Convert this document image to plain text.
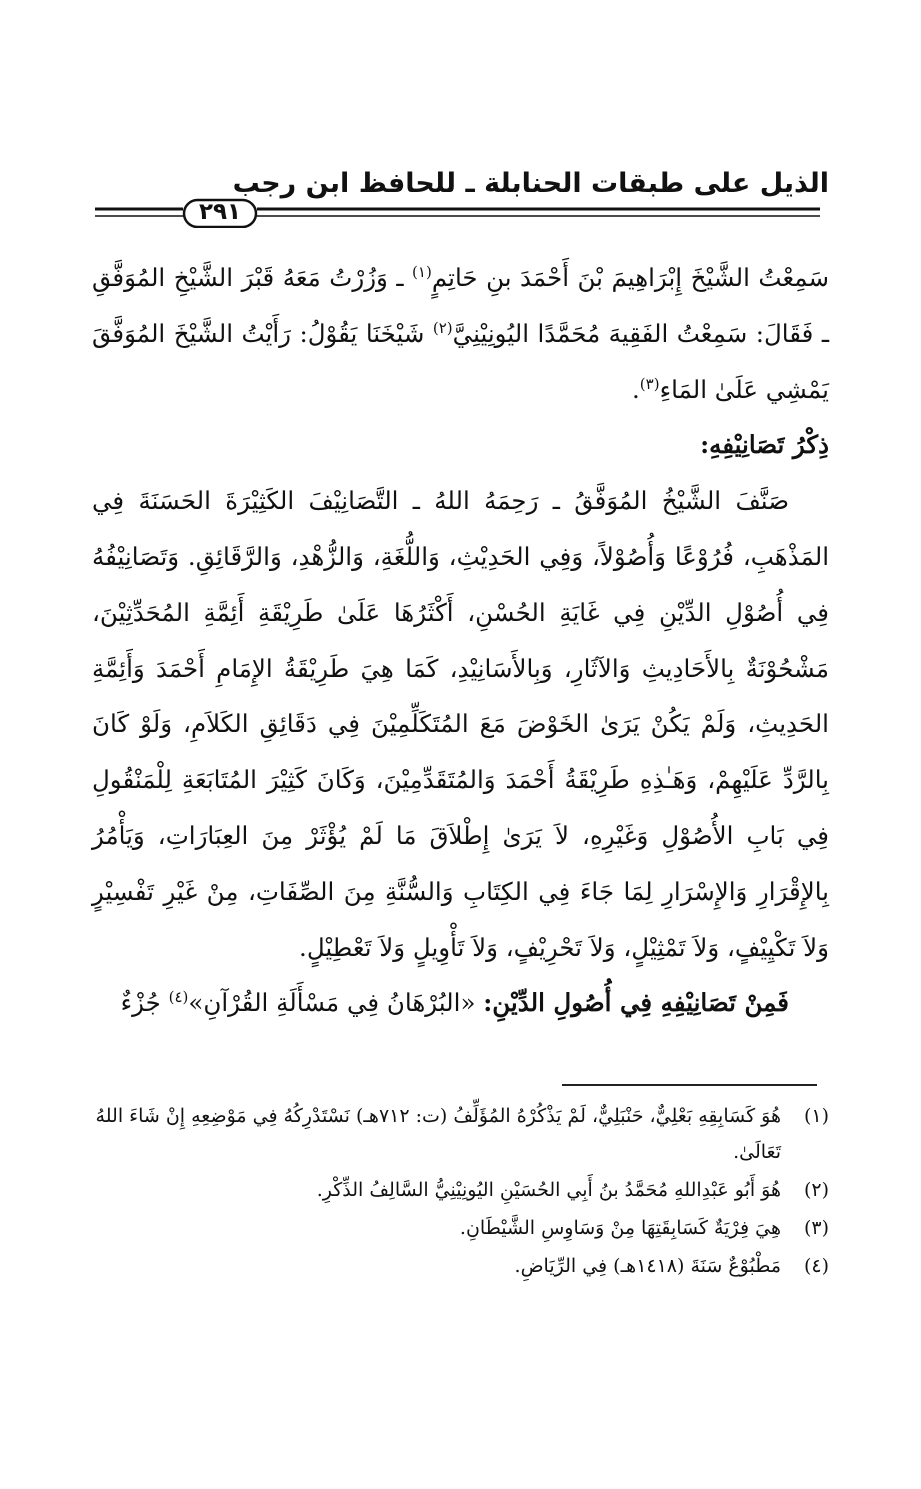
الذيل على طبقات الحنابلة ـ للحافظ ابن رجب
٢٩١

سَمِعْتُ الشَّيْخَ إِبْرَاهِيمَ بْنَ أَحْمَدَ بنِ حَاتِمٍ$^{(١)}$ ـ وَزُرْتُ مَعَهُ قَبْرَ الشَّيْخِ المُوَفَّقِ ـ فَقَالَ: سَمِعْتُ الفَقِيهَ مُحَمَّدًا اليُونِيْنِيَّ$^{(٢)}$ شَيْخَنَا يَقُوْلُ: رَأَيْتُ الشَّيْخَ المُوَفَّقَ يَمْشِي عَلَىٰ المَاءِ$^{(٣)}$.

ذِكْرُ تَصَانِيْفِهِ:

صَنَّفَ الشَّيْخُ المُوَفَّقُ ـ رَحِمَهُ اللهُ ـ التَّصَانِيْفَ الكَثِيْرَةَ الحَسَنَةَ فِي المَذْهَبِ، فُرُوْعًا وَأُصُوْلاً، وَفِي الحَدِيْثِ، وَاللُّغَةِ، وَالزُّهْدِ، وَالرَّقَائِقِ. وَتَصَانِيْفُهُ فِي أُصُوْلِ الدِّيْنِ فِي غَايَةِ الحُسْنِ، أَكْثَرُهَا عَلَىٰ طَرِيْقَةِ أَئِمَّةِ المُحَدِّثِيْنَ، مَشْحُوْنَةٌ بِالأَحَادِيثِ وَالآثَارِ، وَبِالأَسَانِيْدِ، كَمَا هِيَ طَرِيْقَةُ الإِمَامِ أَحْمَدَ وَأَئِمَّةِ الحَدِيثِ، وَلَمْ يَكُنْ يَرَىٰ الخَوْضَ مَعَ المُتَكَلِّمِيْنَ فِي دَقَائِقِ الكَلاَمِ، وَلَوْ كَانَ بِالرَّدِّ عَلَيْهِمْ، وَهَـٰذِهِ طَرِيْقَةُ أَحْمَدَ وَالمُتَقَدِّمِيْنَ، وَكَانَ كَثِيْرَ المُتَابَعَةِ لِلْمَنْقُولِ فِي بَابِ الأُصُوْلِ وَغَيْرِهِ، لاَ يَرَىٰ إِطْلاَقَ مَا لَمْ يُؤْثَرْ مِنَ العِبَارَاتِ، وَيَأْمُرُ بِالإِقْرَارِ وَالإِسْرَارِ لِمَا جَاءَ فِي الكِتَابِ وَالسُّنَّةِ مِنَ الصِّفَاتِ، مِنْ غَيْرِ تَفْسِيْرٍ وَلاَ تَكْيِيْفٍ، وَلاَ تَمْثِيْلٍ، وَلاَ تَحْرِيْفٍ، وَلاَ تَأْوِيلٍ وَلاَ تَعْطِيْلٍ.

فَمِنْ تَصَانِيْفِهِ فِي أُصُولِ الدِّيْنِ: «البُرْهَانُ فِي مَسْأَلَةِ القُرْآنِ»$^{(٤)}$ جُزْءٌ

(١)
هُوَ كَسَابِقِهِ بَعْلِيٌّ، حَنْبَلِيٌّ، لَمْ يَذْكُرْهُ المُؤَلِّفُ (ت: ٧١٢هـ) نَسْتَدْرِكُهُ فِي مَوْضِعِهِ إِنْ شَاءَ اللهُ تَعَالَىٰ.
(٢)
هُوَ أَبُو عَبْدِاللهِ مُحَمَّدُ بنُ أَبِي الحُسَيْنِ اليُونِيْنِيُّ السَّالِفُ الذِّكْرِ.
(٣)
هِيَ فِرْيَةٌ كَسَابِقَتِهَا مِنْ وَسَاوِسِ الشَّيْطَانِ.
(٤)
مَطْبُوْعٌ سَنَةَ (١٤١٨هـ) فِي الرِّيَاضِ.
